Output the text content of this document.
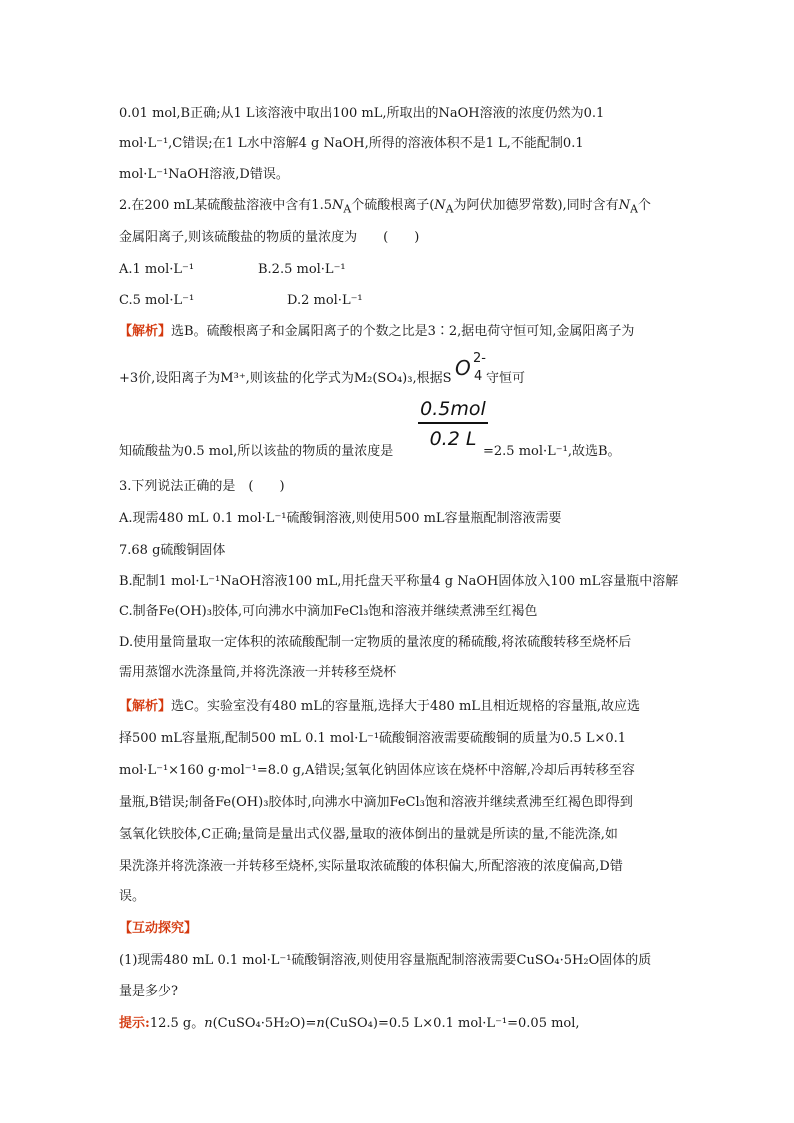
0.01 mol,B正确;从1 L该溶液中取出100 mL,所取出的NaOH溶液的浓度仍然为0.1
mol·L⁻¹,C错误;在1 L水中溶解4 g NaOH,所得的溶液体积不是1 L,不能配制0.1
mol·L⁻¹NaOH溶液,D错误。
2.在200 mL某硫酸盐溶液中含有$1.5N_A$个硫酸根离子($N_A$为阿伏加德罗常数),同时含有$N_A$个
金属阳离子,则该硫酸盐的物质的量浓度为　　(　　)
A.1 mol·L⁻¹	B.2.5 mol·L⁻¹
C.5 mol·L⁻¹	D.2 mol·L⁻¹
【解析】选B。硫酸根离子和金属阳离子的个数之比是3∶2,据电荷守恒可知,金属阳离子为
+3价,设阳离子为M³⁺,则该盐的化学式为M₂(SO₄)₃,根据S O 2-
4 守恒可
0.5mol
0.2 L
知硫酸盐为0.5 mol,所以该盐的物质的量浓度是	=2.5 mol·L⁻¹,故选B。
3.下列说法正确的是　(　　)
A.现需480 mL 0.1 mol·L⁻¹硫酸铜溶液,则使用500 mL容量瓶配制溶液需要
7.68 g硫酸铜固体
B.配制1 mol·L⁻¹NaOH溶液100 mL,用托盘天平称量4 g NaOH固体放入100 mL容量瓶中溶解
C.制备Fe(OH)₃胶体,可向沸水中滴加FeCl₃饱和溶液并继续煮沸至红褐色
D.使用量筒量取一定体积的浓硫酸配制一定物质的量浓度的稀硫酸,将浓硫酸转移至烧杯后
需用蒸馏水洗涤量筒,并将洗涤液一并转移至烧杯
【解析】选C。实验室没有480 mL的容量瓶,选择大于480 mL且相近规格的容量瓶,故应选
择500 mL容量瓶,配制500 mL 0.1 mol·L⁻¹硫酸铜溶液需要硫酸铜的质量为0.5 L×0.1
mol·L⁻¹×160 g·mol⁻¹=8.0 g,A错误;氢氧化钠固体应该在烧杯中溶解,冷却后再转移至容
量瓶,B错误;制备Fe(OH)₃胶体时,向沸水中滴加FeCl₃饱和溶液并继续煮沸至红褐色即得到
氢氧化铁胶体,C正确;量筒是量出式仪器,量取的液体倒出的量就是所读的量,不能洗涤,如
果洗涤并将洗涤液一并转移至烧杯,实际量取浓硫酸的体积偏大,所配溶液的浓度偏高,D错
误。
【互动探究】
(1)现需480 mL 0.1 mol·L⁻¹硫酸铜溶液,则使用容量瓶配制溶液需要CuSO₄·5H₂O固体的质
量是多少?
提示:12.5 g。n(CuSO₄·5H₂O)=n(CuSO₄)=0.5 L×0.1 mol·L⁻¹=0.05 mol,
